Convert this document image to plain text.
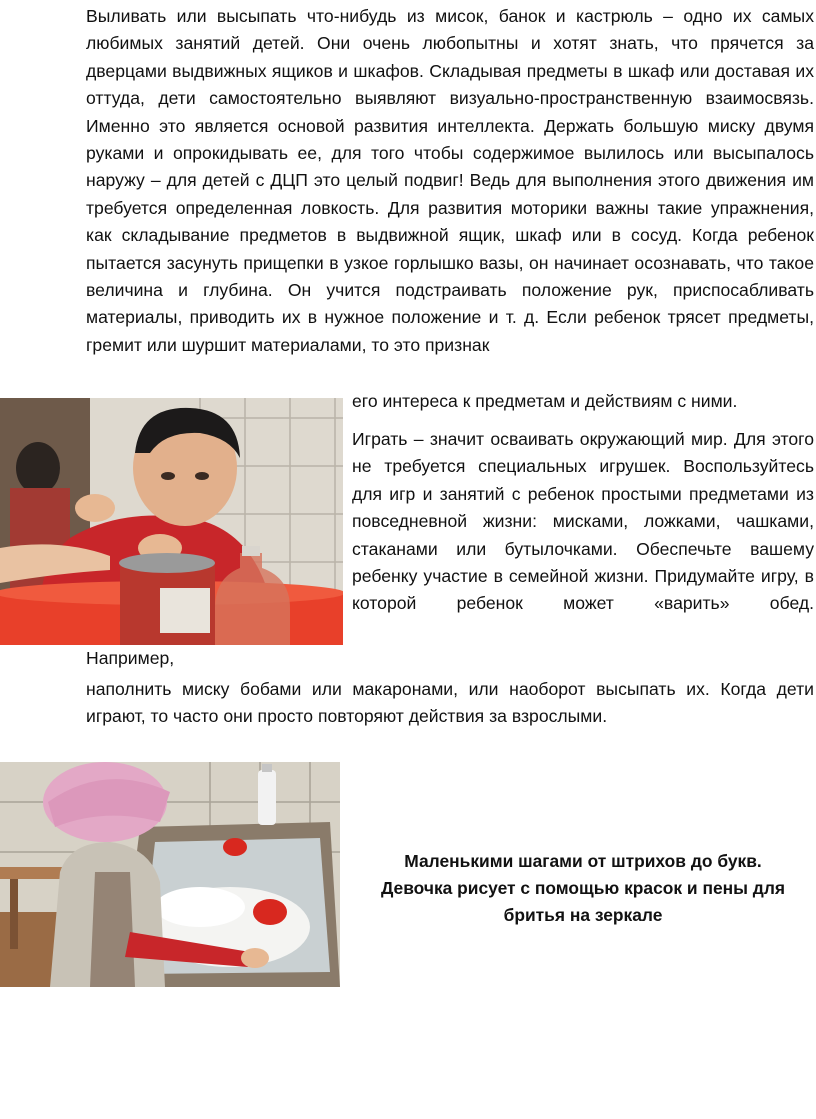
Выливать или высыпать что-нибудь из мисок, банок и кастрюль – одно их самых любимых занятий детей. Они очень любопытны и хотят знать, что прячется за дверцами выдвижных ящиков и шкафов. Складывая предметы в шкаф или доставая их оттуда, дети самостоятельно выявляют визуально-пространственную взаимосвязь. Именно это является основой развития интеллекта. Держать большую миску двумя руками и опрокидывать ее, для того чтобы содержимое вылилось или высыпалось наружу – для детей с ДЦП это целый подвиг! Ведь для выполнения этого движения им требуется определенная ловкость. Для развития моторики важны такие упражнения, как складывание предметов в выдвижной ящик, шкаф или в сосуд. Когда ребенок пытается засунуть прищепки в узкое горлышко вазы, он начинает осознавать, что такое величина и глубина. Он учится подстраивать положение рук, приспосабливать материалы, приводить их в нужное положение и т. д. Если ребенок трясет предметы, гремит или шуршит материалами, то это признак

его интереса к предметам и действиям с ними.

Играть – значит осваивать окружающий мир. Для этого не требуется специальных игрушек. Воспользуйтесь для игр и занятий с ребенок простыми предметами из повседневной жизни: мисками, ложками, чашками, стаканами или бутылочками. Обеспечьте вашему ребенку участие в семейной жизни. Придумайте игру, в которой ребенок может «варить» обед.

Например,

наполнить миску бобами или макаронами, или наоборот высыпать их. Когда дети играют, то часто они просто повторяют действия за взрослыми.

Маленькими шагами от штрихов до букв.
Девочка рисует с помощью красок и пены для
бритья на зеркале
